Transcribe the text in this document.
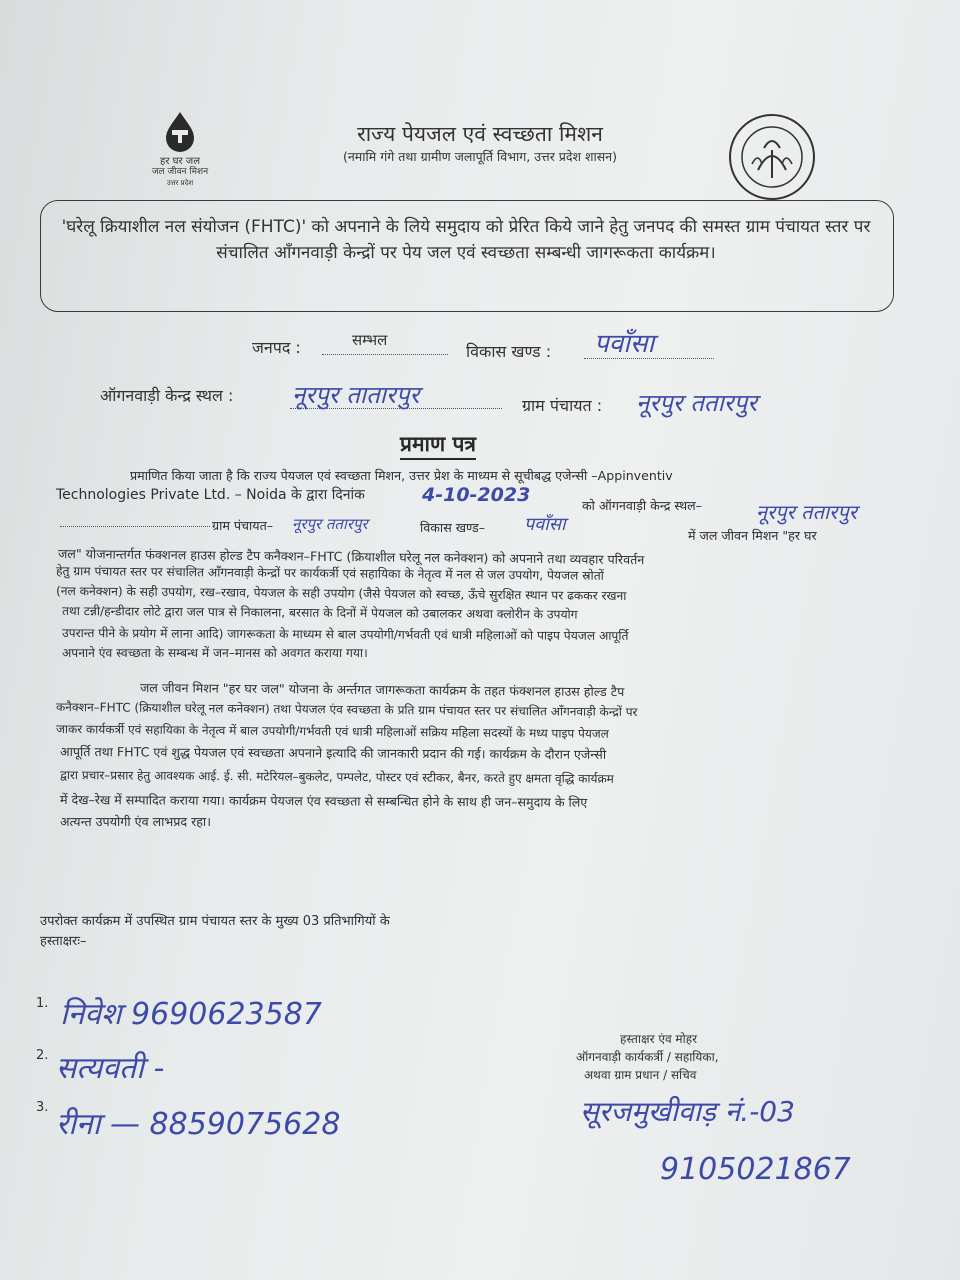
हर घर जल
जल जीवन मिशन
उत्तर प्रदेश
राज्य पेयजल एवं स्वच्छता मिशन
(नमामि गंगे तथा ग्रामीण जलापूर्ति विभाग, उत्तर प्रदेश शासन)
'घरेलू क्रियाशील नल संयोजन (FHTC)' को अपनाने के लिये समुदाय को प्रेरित किये जाने हेतु जनपद की समस्त ग्राम पंचायत स्तर पर संचालित आँगनवाड़ी केन्द्रों पर पेय जल एवं स्वच्छता सम्बन्धी जागरूकता कार्यक्रम।
जनपद :	सम्भल
विकास खण्ड : पवाँसा
ऑगनवाड़ी केन्द्र स्थल : नूरपुर तातारपुर	ग्राम पंचायत : नूरपुर ततारपुर
प्रमाण पत्र
प्रमाणित किया जाता है कि राज्य पेयजल एवं स्वच्छता मिशन, उत्तर प्रेश के माध्यम से सूचीबद्ध एजेन्सी –Appinventiv
Technologies Private Ltd. – Noida के द्वारा दिनांक	4-10-2023	को ऑगनवाड़ी केन्द्र स्थल–	नूरपुर ततारपुर
ग्राम पंचायत– नूरपुर ततारपुर	विकास खण्ड– पवाँसा
में जल जीवन मिशन "हर घर
जल" योजनान्तर्गत फंक्शनल हाउस होल्ड टैप कनैक्शन–FHTC (क्रियाशील घरेलू नल कनेक्शन) को अपनाने तथा व्यवहार परिवर्तन
हेतु ग्राम पंचायत स्तर पर संचालित आँगनवाड़ी केन्द्रों पर कार्यकर्त्री एवं सहायिका के नेतृत्व में नल से जल उपयोग, पेयजल स्रोतों
(नल कनेक्शन) के सही उपयोग, रख–रखाव, पेयजल के सही उपयोग (जैसे पेयजल को स्वच्छ, ऊँचे सुरक्षित स्थान पर ढककर रखना
तथा टन्नी/हन्डीदार लोटे द्वारा जल पात्र से निकालना, बरसात के दिनों में पेयजल को उबालकर अथवा क्लोरीन के उपयोग
उपरान्त पीने के प्रयोग में लाना आदि) जागरूकता के माध्यम से बाल उपयोगी/गर्भवती एवं धात्री महिलाओं को पाइप पेयजल आपूर्ति
अपनाने एंव स्वच्छता के सम्बन्ध में जन–मानस को अवगत कराया गया।
जल जीवन मिशन "हर घर जल" योजना के अर्न्तगत जागरूकता कार्यक्रम के तहत फंक्शनल हाउस होल्ड टैप
कनैक्शन–FHTC (क्रियाशील घरेलू नल कनेक्शन) तथा पेयजल एंव स्वच्छता के प्रति ग्राम पंचायत स्तर पर संचालित आँगनवाड़ी केन्द्रों पर
जाकर कार्यकर्त्री एवं सहायिका के नेतृत्व में बाल उपयोगी/गर्भवती एवं धात्री महिलाओं सक्रिय महिला सदस्यों के मध्य पाइप पेयजल
आपूर्ति तथा FHTC एवं शुद्ध पेयजल एवं स्वच्छता अपनाने इत्यादि की जानकारी प्रदान की गई। कार्यक्रम के दौरान एजेन्सी
द्वारा प्रचार–प्रसार हेतु आवश्यक आई. ई. सी. मटेरियल–बुकलेट, पम्पलेट, पोस्टर एवं स्टीकर, बैनर, करते हुए क्षमता वृद्धि कार्यक्रम
में देख–रेख में सम्पादित कराया गया। कार्यक्रम पेयजल एंव स्वच्छता से सम्बन्धित होने के साथ ही जन–समुदाय के लिए
अत्यन्त उपयोगी एंव लाभप्रद रहा।
उपरोक्त कार्यक्रम में उपस्थित ग्राम पंचायत स्तर के मुख्य 03 प्रतिभागियों के
हस्ताक्षरः–
1. निवेश 9690623587
2. सत्यवती -
3. रीना — 8859075628
हस्ताक्षर एंव मोहर
ऑगनवाड़ी कार्यकर्त्री / सहायिका,
अथवा ग्राम प्रधान / सचिव
सूरजमुखीवाड़ नं.-03
9105021867
